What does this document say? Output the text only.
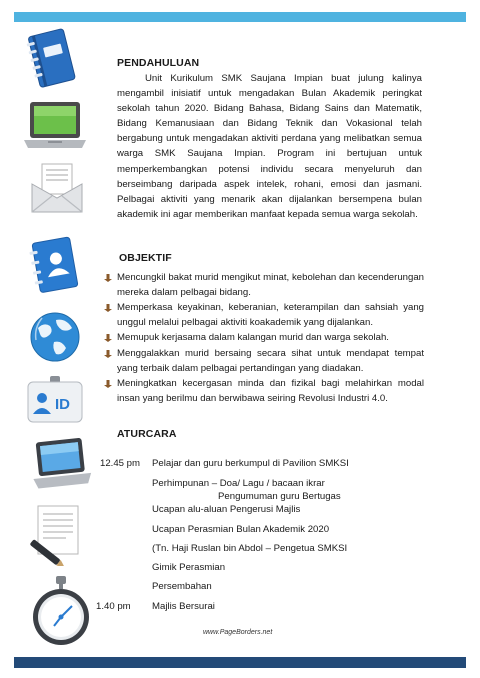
ID
PENDAHULUAN

Unit Kurikulum SMK Saujana Impian buat julung kalinya mengambil inisiatif untuk mengadakan Bulan Akademik peringkat sekolah tahun 2020. Bidang Bahasa, Bidang Sains dan Matematik, Bidang Kemanusiaan dan Bidang Teknik dan Vokasional telah bergabung untuk mengadakan aktiviti perdana yang melibatkan semua warga SMK Saujana Impian. Program ini bertujuan untuk memperkembangkan potensi individu secara menyeluruh dan berseimbang daripada aspek intelek, rohani, emosi dan jasmani. Pelbagai aktiviti yang menarik akan dijalankan bersempena bulan akademik ini agar memberikan manfaat kepada semua warga sekolah.

OBJEKTIF
Mencungkil bakat murid mengikut minat, kebolehan dan kecenderungan mereka dalam pelbagai bidang.
Memperkasa keyakinan, keberanian, keterampilan dan sahsiah yang unggul melalui pelbagai aktiviti koakademik yang dijalankan.
Memupuk kerjasama dalam kalangan murid dan warga sekolah.
Menggalakkan murid bersaing secara sihat untuk mendapat tempat yang terbaik dalam pelbagai pertandingan yang diadakan.
Meningkatkan kecergasan minda dan fizikal bagi melahirkan modal insan yang berilmu dan berwibawa seiring Revolusi Industri 4.0.
ATURCARA
12.45 pm Pelajar dan guru berkumpul di Pavilion SMKSI
Perhimpunan – Doa/ Lagu / bacaan ikrar
Pengumuman guru Bertugas
Ucapan alu-aluan Pengerusi Majlis
Ucapan Perasmian Bulan Akademik 2020
(Tn. Haji Ruslan bin Abdol – Pengetua SMKSI
Gimik Perasmian
Persembahan
1.40 pm Majlis Bersurai
www.PageBorders.net
